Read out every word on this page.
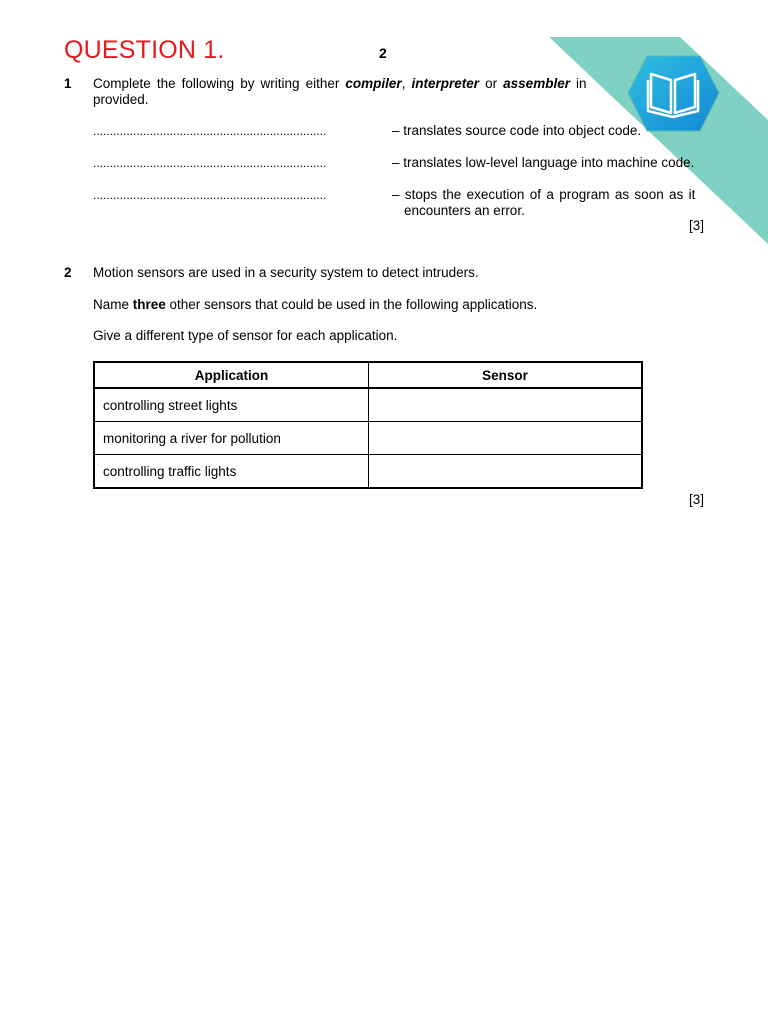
QUESTION 1.	2
1 Complete the following by writing either compiler, interpreter or assembler in
provided.
......................................................................	– translates source code into object code.
......................................................................	– translates low-level language into machine code.
......................................................................	– stops the execution of a program as soon as it
encounters an error.
[3]
2 Motion sensors are used in a security system to detect intruders.
Name three other sensors that could be used in the following applications.
Give a different type of sensor for each application.
Application	Sensor
controlling street lights	
monitoring a river for pollution	
controlling traffic lights	
[3]
